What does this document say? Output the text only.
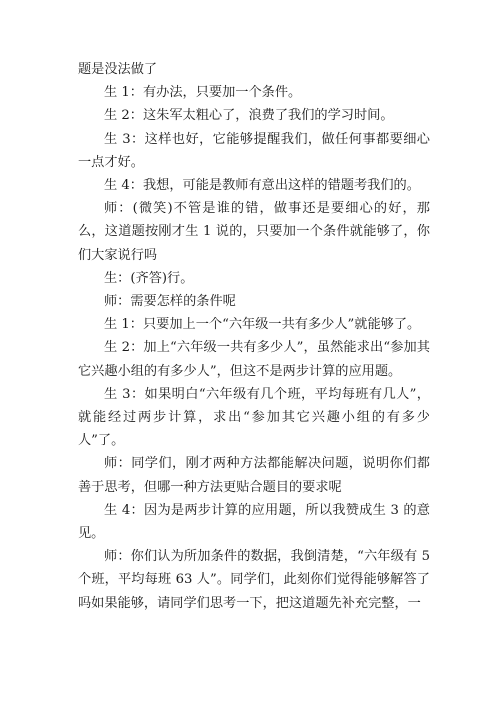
题是没法做了

生 1：有办法，只要加一个条件。

生 2：这朱军太粗心了，浪费了我们的学习时间。

生 3：这样也好，它能够提醒我们，做任何事都要细心一点才好。

生 4：我想，可能是教师有意出这样的错题考我们的。

师：(微笑)不管是谁的错，做事还是要细心的好，那么，这道题按刚才生 1 说的，只要加一个条件就能够了，你们大家说行吗

生：(齐答)行。

师：需要怎样的条件呢

生 1：只要加上一个“六年级一共有多少人”就能够了。

生 2：加上“六年级一共有多少人”，虽然能求出“参加其它兴趣小组的有多少人”，但这不是两步计算的应用题。

生 3：如果明白“六年级有几个班，平均每班有几人”，就能经过两步计算，求出“参加其它兴趣小组的有多少人”了。

师：同学们，刚才两种方法都能解决问题，说明你们都善于思考，但哪一种方法更贴合题目的要求呢

生 4：因为是两步计算的应用题，所以我赞成生 3 的意见。

师：你们认为所加条件的数据，我倒清楚，“六年级有 5 个班，平均每班 63 人”。同学们，此刻你们觉得能够解答了吗如果能够，请同学们思考一下，把这道题先补充完整，一
